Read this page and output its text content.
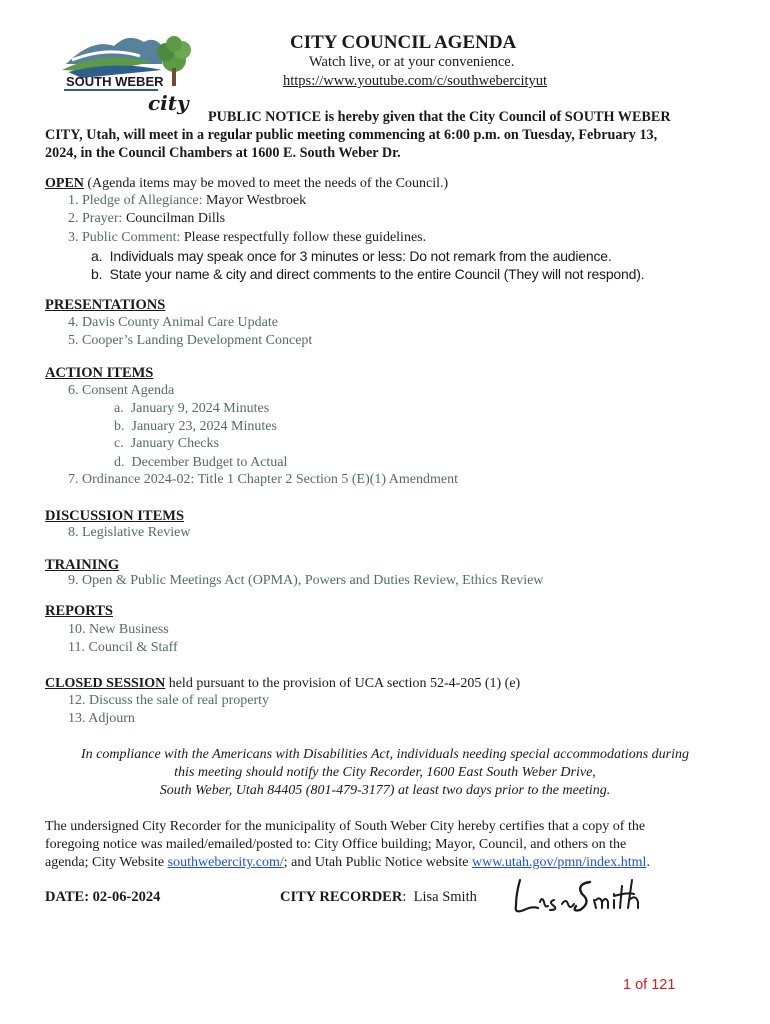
SOUTH WEBER
city
CITY COUNCIL AGENDA
Watch live, or at your convenience.
https://www.youtube.com/c/southwebercityut
PUBLIC NOTICE is hereby given that the City Council of SOUTH WEBER
CITY, Utah, will meet in a regular public meeting commencing at 6:00 p.m. on Tuesday, February 13,
2024, in the Council Chambers at 1600 E. South Weber Dr.
OPEN (Agenda items may be moved to meet the needs of the Council.)
1. Pledge of Allegiance: Mayor Westbroek
2. Prayer: Councilman Dills
3. Public Comment: Please respectfully follow these guidelines.
a. Individuals may speak once for 3 minutes or less: Do not remark from the audience.
b. State your name & city and direct comments to the entire Council (They will not respond).
PRESENTATIONS
4. Davis County Animal Care Update
5. Cooper’s Landing Development Concept
ACTION ITEMS
6. Consent Agenda
a. January 9, 2024 Minutes
b. January 23, 2024 Minutes
c. January Checks
d. December Budget to Actual
7. Ordinance 2024-02: Title 1 Chapter 2 Section 5 (E)(1) Amendment
DISCUSSION ITEMS
8. Legislative Review
TRAINING
9. Open & Public Meetings Act (OPMA), Powers and Duties Review, Ethics Review
REPORTS
10. New Business
11. Council & Staff
CLOSED SESSION held pursuant to the provision of UCA section 52-4-205 (1) (e)
12. Discuss the sale of real property
13. Adjourn
In compliance with the Americans with Disabilities Act, individuals needing special accommodations during
this meeting should notify the City Recorder, 1600 East South Weber Drive,
South Weber, Utah 84405 (801-479-3177) at least two days prior to the meeting.
The undersigned City Recorder for the municipality of South Weber City hereby certifies that a copy of the
foregoing notice was mailed/emailed/posted to: City Office building; Mayor, Council, and others on the
agenda; City Website southwebercity.com/; and Utah Public Notice website www.utah.gov/pmn/index.html.
DATE: 02-06-2024	CITY RECORDER: Lisa Smith
1 of 121
